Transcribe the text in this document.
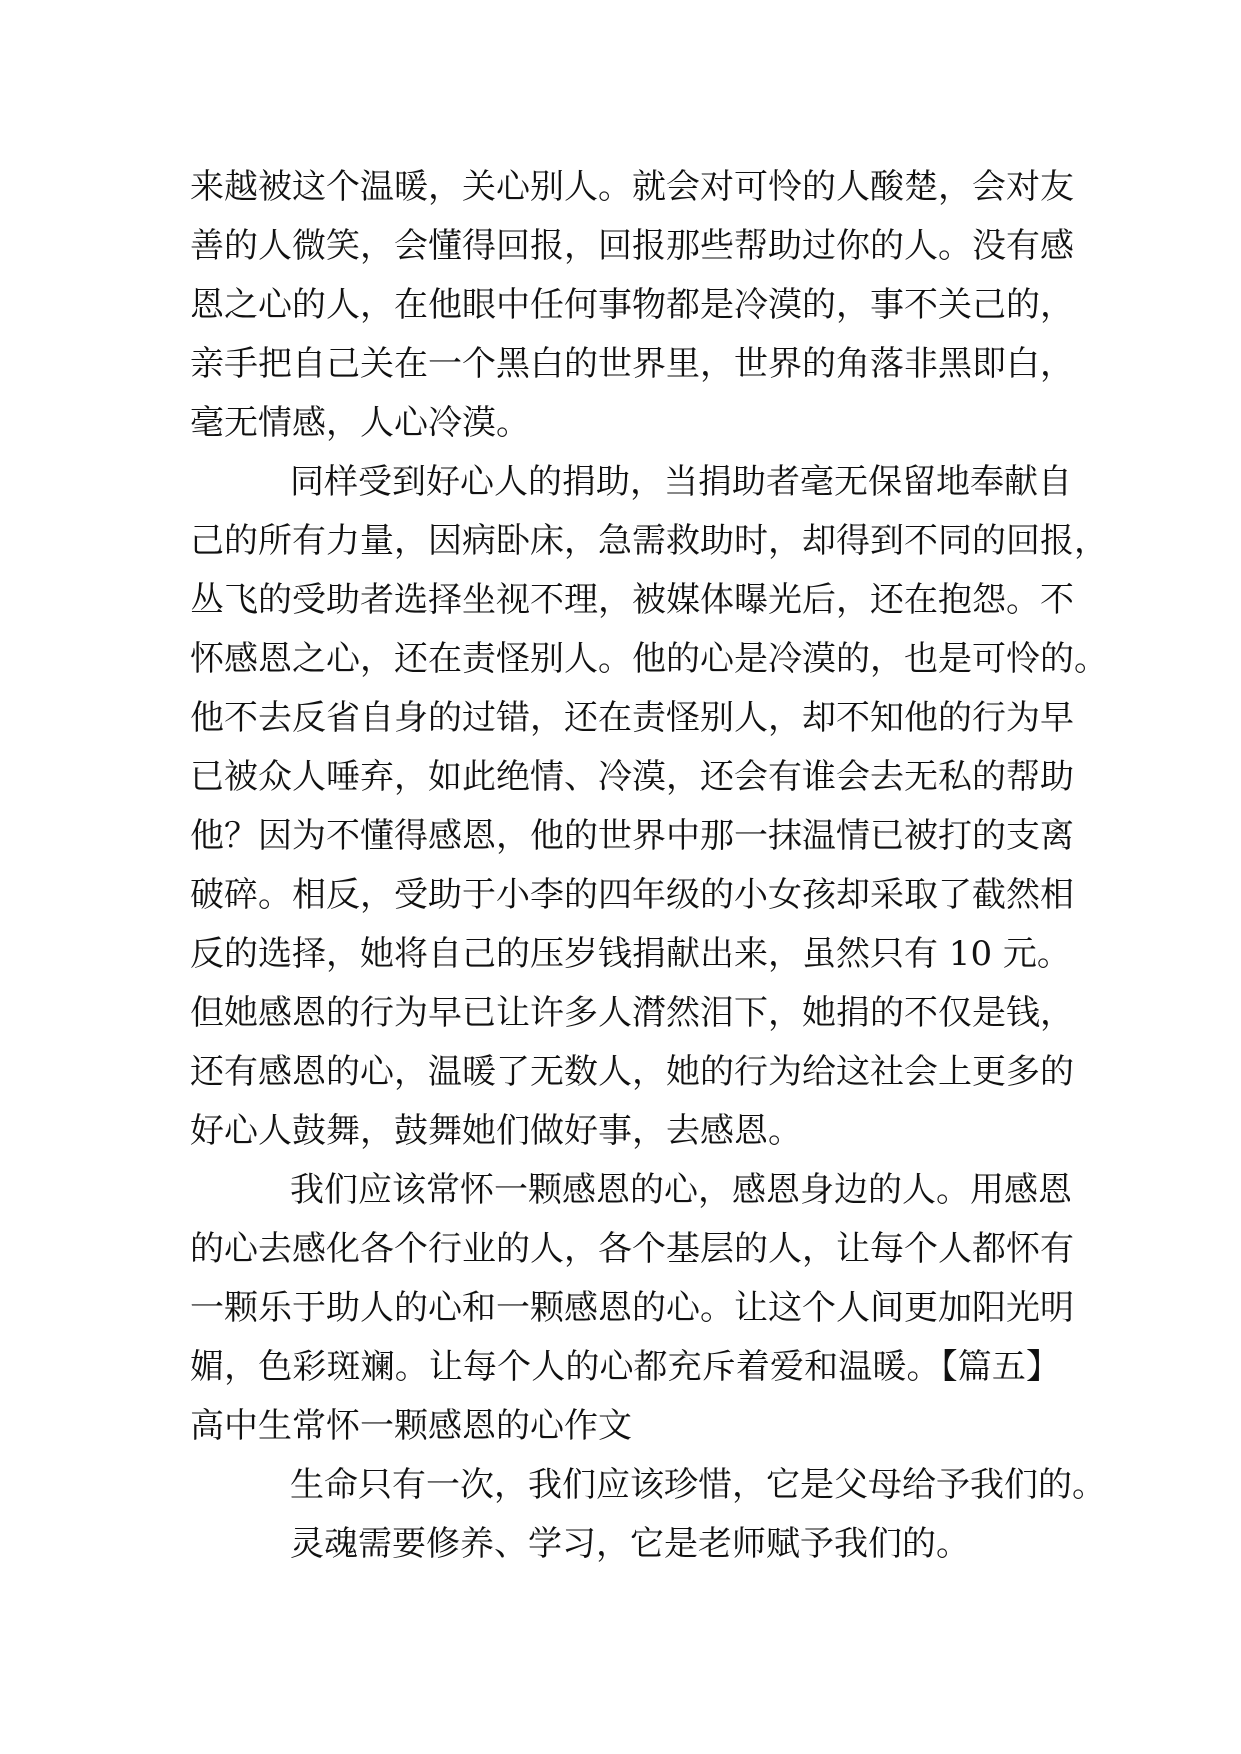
来越被这个温暖，关心别人。就会对可怜的人酸楚，会对友
善的人微笑，会懂得回报，回报那些帮助过你的人。没有感
恩之心的人，在他眼中任何事物都是冷漠的，事不关己的，
亲手把自己关在一个黑白的世界里，世界的角落非黑即白，
毫无情感，人心冷漠。
同样受到好心人的捐助，当捐助者毫无保留地奉献自
己的所有力量，因病卧床，急需救助时，却得到不同的回报，
丛飞的受助者选择坐视不理，被媒体曝光后，还在抱怨。不
怀感恩之心，还在责怪别人。他的心是冷漠的，也是可怜的。
他不去反省自身的过错，还在责怪别人，却不知他的行为早
已被众人唾弃，如此绝情、冷漠，还会有谁会去无私的帮助
他？因为不懂得感恩，他的世界中那一抹温情已被打的支离
破碎。相反，受助于小李的四年级的小女孩却采取了截然相
反的选择，她将自己的压岁钱捐献出来，虽然只有 10 元。
但她感恩的行为早已让许多人潸然泪下，她捐的不仅是钱，
还有感恩的心，温暖了无数人，她的行为给这社会上更多的
好心人鼓舞，鼓舞她们做好事，去感恩。
我们应该常怀一颗感恩的心，感恩身边的人。用感恩
的心去感化各个行业的人，各个基层的人，让每个人都怀有
一颗乐于助人的心和一颗感恩的心。让这个人间更加阳光明
媚，色彩斑斓。让每个人的心都充斥着爱和温暖。【篇五】
高中生常怀一颗感恩的心作文
生命只有一次，我们应该珍惜，它是父母给予我们的。
灵魂需要修养、学习，它是老师赋予我们的。
